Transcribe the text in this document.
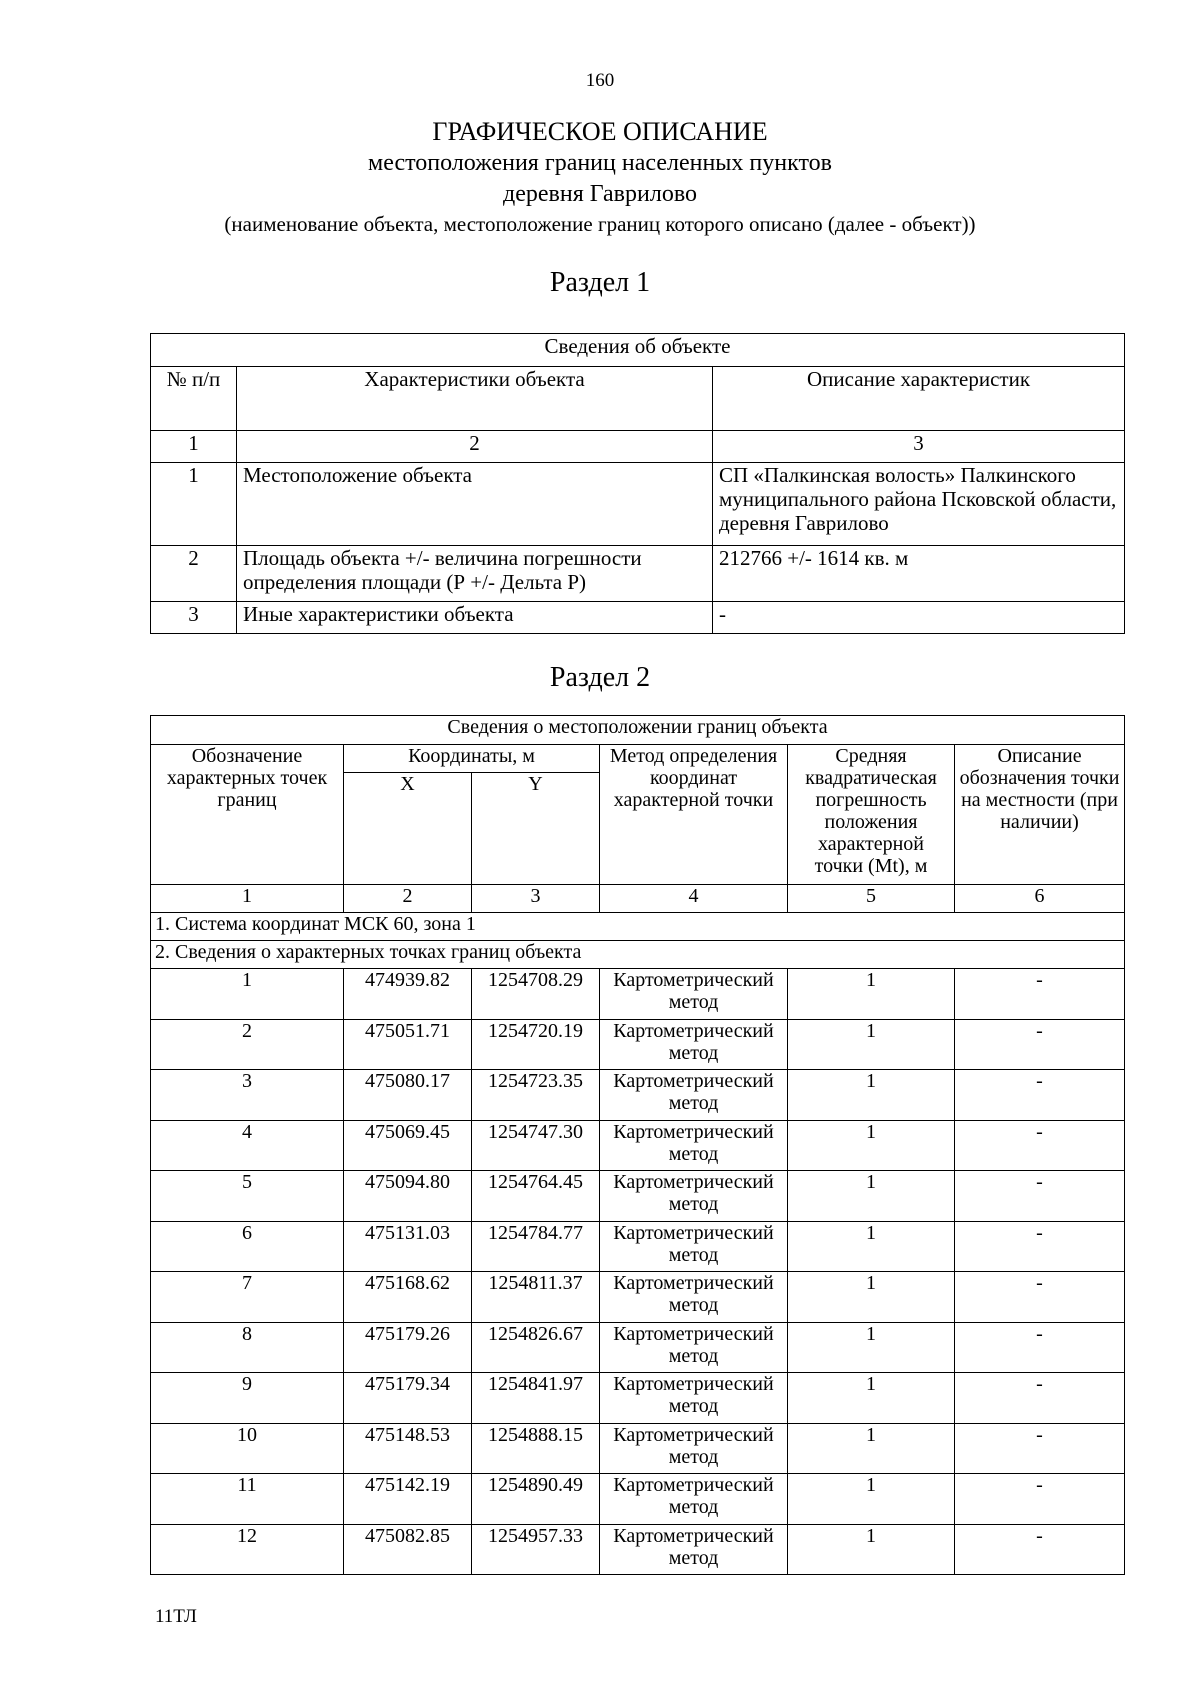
160
ГРАФИЧЕСКОЕ ОПИСАНИЕ
местоположения границ населенных пунктов
деревня Гаврилово
(наименование объекта, местоположение границ которого описано (далее - объект))
Раздел 1
Сведения об объекте		
№ п/п	Характеристики объекта	Описание характеристик
1	2	3
1	Местоположение объекта	СП «Палкинская волость» Палкинского муниципального района Псковской области, деревня Гаврилово
2	Площадь объекта +/- величина погрешности определения площади (Р +/- Дельта Р)	212766 +/- 1614 кв. м
3	Иные характеристики объекта	-
Раздел 2
Сведения о местоположении границ объекта					
Обозначение характерных точек границ	Координаты, м		Метод определения координат характерной точки	Средняя квадратическая погрешность положения характерной точки (Mt), м	Описание обозначения точки на местности (при наличии)
	X	Y			
1	2	3	4	5	6
1. Система координат МСК 60, зона 1					
2. Сведения о характерных точках границ объекта					
1	474939.82	1254708.29	Картометрический метод	1	-
2	475051.71	1254720.19	Картометрический метод	1	-
3	475080.17	1254723.35	Картометрический метод	1	-
4	475069.45	1254747.30	Картометрический метод	1	-
5	475094.80	1254764.45	Картометрический метод	1	-
6	475131.03	1254784.77	Картометрический метод	1	-
7	475168.62	1254811.37	Картометрический метод	1	-
8	475179.26	1254826.67	Картометрический метод	1	-
9	475179.34	1254841.97	Картометрический метод	1	-
10	475148.53	1254888.15	Картометрический метод	1	-
11	475142.19	1254890.49	Картометрический метод	1	-
12	475082.85	1254957.33	Картометрический метод	1	-
11ТЛ
